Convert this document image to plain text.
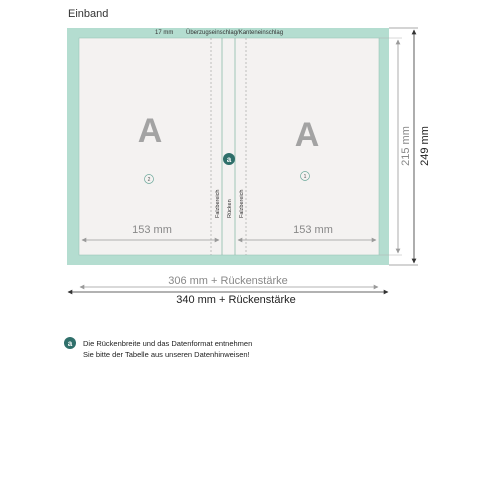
Einband
17 mm Überzugseinschlag/Kanteneinschlag
A	A
2	1
a
Falzbereich Rücken Falzbereich
153 mm	153 mm
215 mm 249 mm
306 mm + Rückenstärke
340 mm + Rückenstärke
a Die Rückenbreite und das Datenformat entnehmen
Sie bitte der Tabelle aus unseren Datenhinweisen!
